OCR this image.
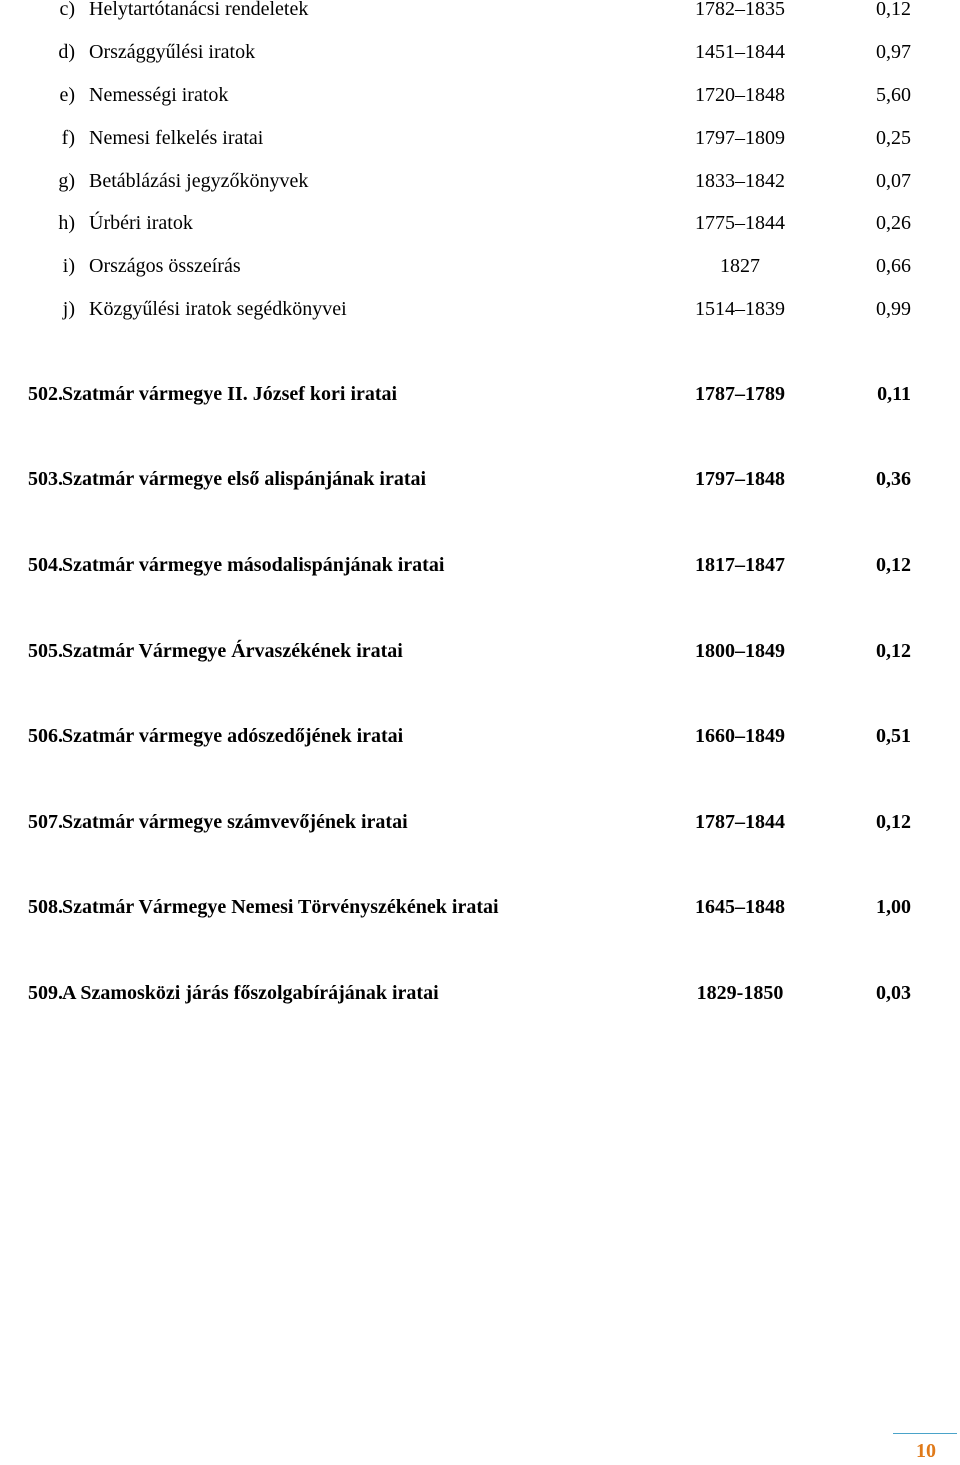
c) Helytartótanácsi rendeletek	1782–1835	0,12
d) Országgyűlési iratok	1451–1844	0,97
e) Nemességi iratok	1720–1848	5,60
f) Nemesi felkelés iratai	1797–1809	0,25
g) Betáblázási jegyzőkönyvek	1833–1842	0,07
h) Úrbéri iratok	1775–1844	0,26
i) Országos összeírás	1827	0,66
j) Közgyűlési iratok segédkönyvei	1514–1839	0,99
502. Szatmár vármegye II. József kori iratai	1787–1789	0,11
503. Szatmár vármegye első alispánjának iratai	1797–1848	0,36
504. Szatmár vármegye másodalispánjának iratai	1817–1847	0,12
505. Szatmár Vármegye Árvaszékének iratai	1800–1849	0,12
506. Szatmár vármegye adószedőjének iratai	1660–1849	0,51
507. Szatmár vármegye számvevőjének iratai	1787–1844	0,12
508. Szatmár Vármegye Nemesi Törvényszékének iratai	1645–1848	1,00
509. A Szamosközi járás főszolgabírájának iratai	1829-1850	0,03
10
